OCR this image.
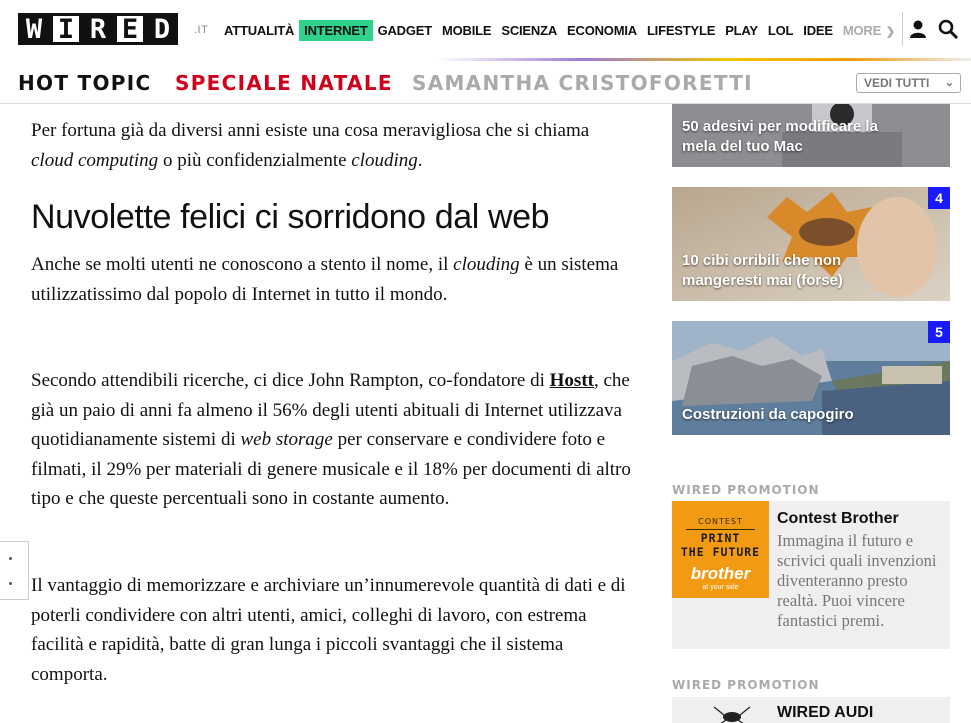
W I R E D	.IT	ATTUALITÀ INTERNET GADGET MOBILE SCIENZA ECONOMIA LIFESTYLE PLAY LOL IDEE MORE ❯
HOT TOPIC SPECIALE NATALE SAMANTHA CRISTOFORETTI	VEDI TUTTI ⌄

Per fortuna già da diversi anni esiste una cosa meravigliosa che si chiama cloud computing o più confidenzialmente clouding.

Nuvolette felici ci sorridono dal web

Anche se molti utenti ne conoscono a stento il nome, il clouding è un sistema utilizzatissimo dal popolo di Internet in tutto il mondo.

Secondo attendibili ricerche, ci dice John Rampton, co-fondatore di Hostt, che già un paio di anni fa almeno il 56% degli utenti abituali di Internet utilizzava quotidianamente sistemi di web storage per conservare e condividere foto e filmati, il 29% per materiali di genere musicale e il 18% per documenti di altro tipo e che queste percentuali sono in costante aumento.

Il vantaggio di memorizzare e archiviare un’innumerevole quantità di dati e di poterli condividere con altri utenti, amici, colleghi di lavoro, con estrema facilità e rapidità, batte di gran lunga i piccoli svantaggi che il sistema comporta.

50 adesivi per modificare la mela del tuo Mac
4
10 cibi orribili che non mangeresti mai (forse)
5
Costruzioni da capogiro
WIRED PROMOTION
CONTEST
PRINT
THE FUTURE
brother
at your side
Contest Brother
Immagina il futuro e scrivici quali invenzioni diventeranno presto realtà. Puoi vincere fantastici premi.
WIRED PROMOTION
WIRED AUDI
